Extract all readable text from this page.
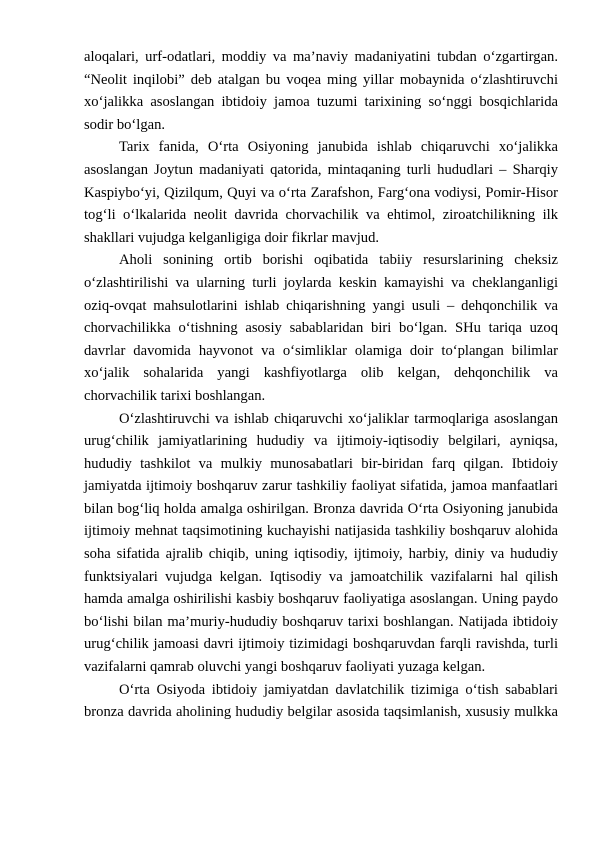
aloqalari, urf-odatlari, moddiy va ma’naviy madaniyatini tubdan o‘zgartirgan. “Neolit inqilobi” deb atalgan bu voqea ming yillar mobaynida o‘zlashtiruvchi xo‘jalikka asoslangan ibtidoiy jamoa tuzumi tarixining so‘nggi bosqichlarida sodir bo‘lgan.

Tarix fanida, O‘rta Osiyoning janubida ishlab chiqaruvchi xo‘jalikka asoslangan Joytun madaniyati qatorida, mintaqaning turli hududlari – Sharqiy Kaspiybo‘yi, Qizilqum, Quyi va o‘rta Zarafshon, Farg‘ona vodiysi, Pomir-Hisor tog‘li o‘lkalarida neolit davrida chorvachilik va ehtimol, ziroatchilikning ilk shakllari vujudga kelganligiga doir fikrlar mavjud.

Aholi sonining ortib borishi oqibatida tabiiy resurslarining cheksiz o‘zlashtirilishi va ularning turli joylarda keskin kamayishi va cheklanganligi oziq-ovqat mahsulotlarini ishlab chiqarishning yangi usuli – dehqonchilik va chorvachilikka o‘tishning asosiy sabablaridan biri bo‘lgan. SHu tariqa uzoq davrlar davomida hayvonot va o‘simliklar olamiga doir to‘plangan bilimlar xo‘jalik sohalarida yangi kashfiyotlarga olib kelgan, dehqonchilik va chorvachilik tarixi boshlangan.

O‘zlashtiruvchi va ishlab chiqaruvchi xo‘jaliklar tarmoqlariga asoslangan urug‘chilik jamiyatlarining hududiy va ijtimoiy-iqtisodiy belgilari, ayniqsa, hududiy tashkilot va mulkiy munosabatlari bir-biridan farq qilgan. Ibtidoiy jamiyatda ijtimoiy boshqaruv zarur tashkiliy faoliyat sifatida, jamoa manfaatlari bilan bog‘liq holda amalga oshirilgan. Bronza davrida O‘rta Osiyoning janubida ijtimoiy mehnat taqsimotining kuchayishi natijasida tashkiliy boshqaruv alohida soha sifatida ajralib chiqib, uning iqtisodiy, ijtimoiy, harbiy, diniy va hududiy funktsiyalari vujudga kelgan. Iqtisodiy va jamoatchilik vazifalarni hal qilish hamda amalga oshirilishi kasbiy boshqaruv faoliyatiga asoslangan. Uning paydo bo‘lishi bilan ma’muriy-hududiy boshqaruv tarixi boshlangan. Natijada ibtidoiy urug‘chilik jamoasi davri ijtimoiy tizimidagi boshqaruvdan farqli ravishda, turli vazifalarni qamrab oluvchi yangi boshqaruv faoliyati yuzaga kelgan.

O‘rta Osiyoda ibtidoiy jamiyatdan davlatchilik tizimiga o‘tish sabablari bronza davrida aholining hududiy belgilar asosida taqsimlanish, xususiy mulkka
